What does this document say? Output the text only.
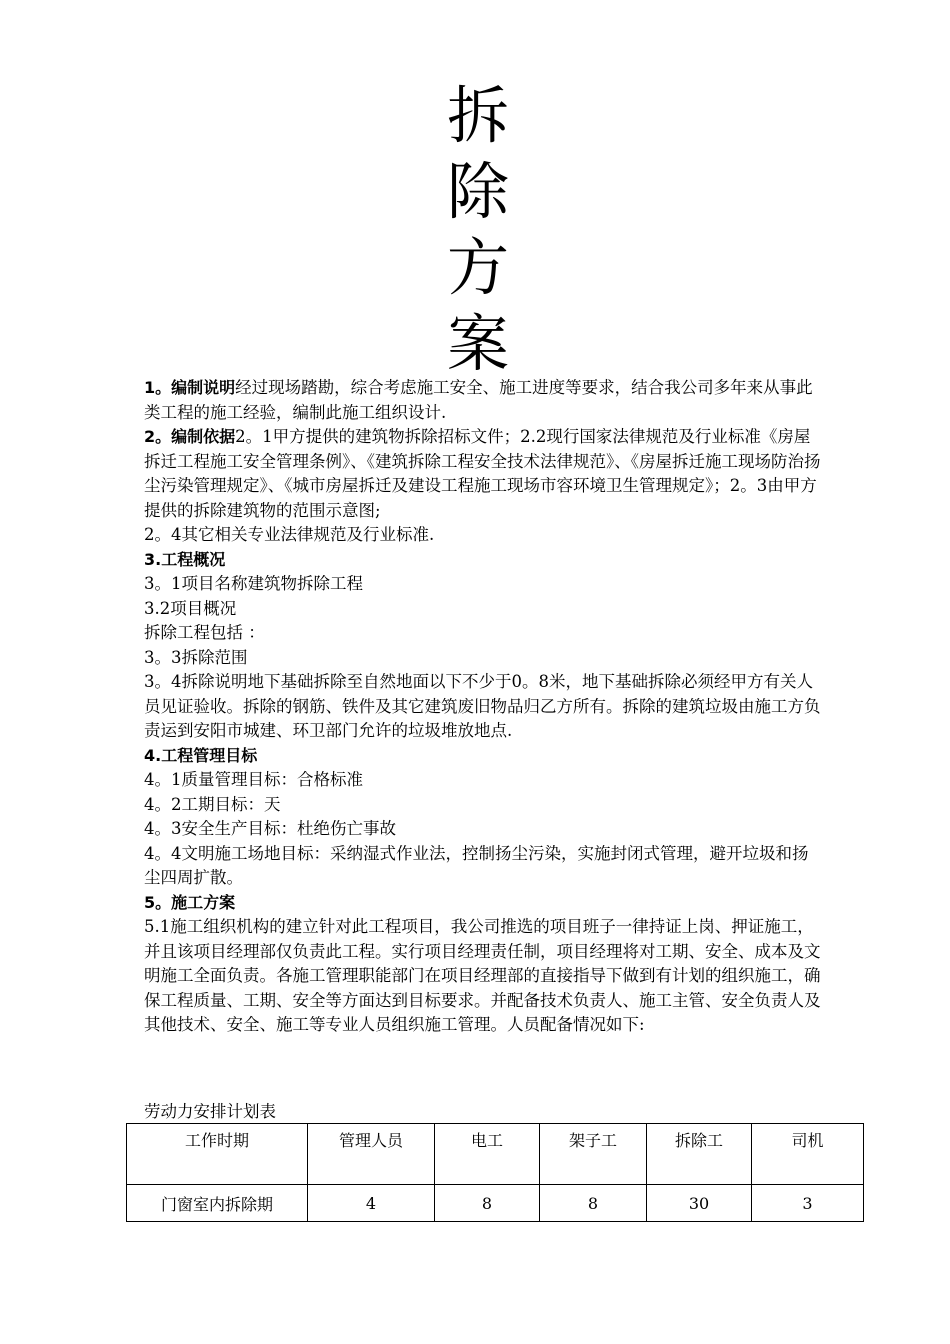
拆
除
方
案

1。编制说明经过现场踏勘，综合考虑施工安全、施工进度等要求，结合我公司多年来从事此类工程的施工经验，编制此施工组织设计.

2。编制依据2。1甲方提供的建筑物拆除招标文件；2.2现行国家法律规范及行业标准《房屋拆迁工程施工安全管理条例》、《建筑拆除工程安全技术法律规范》、《房屋拆迁施工现场防治扬尘污染管理规定》、《城市房屋拆迁及建设工程施工现场市容环境卫生管理规定》；2。3由甲方提供的拆除建筑物的范围示意图;

2。4其它相关专业法律规范及行业标准.

3.工程概况

3。1项目名称建筑物拆除工程

3.2项目概况

拆除工程包括 ：

3。3拆除范围

3。4拆除说明地下基础拆除至自然地面以下不少于0。8米，地下基础拆除必须经甲方有关人员见证验收。拆除的钢筋、铁件及其它建筑废旧物品归乙方所有。拆除的建筑垃圾由施工方负责运到安阳市城建、环卫部门允许的垃圾堆放地点.

4.工程管理目标

4。1质量管理目标：合格标准

4。2工期目标：天

4。3安全生产目标：杜绝伤亡事故

4。4文明施工场地目标：采纳湿式作业法，控制扬尘污染，实施封闭式管理，避开垃圾和扬尘四周扩散。

5。施工方案

5.1施工组织机构的建立针对此工程项目，我公司推选的项目班子一律持证上岗、押证施工，并且该项目经理部仅负责此工程。实行项目经理责任制，项目经理将对工期、安全、成本及文明施工全面负责。各施工管理职能部门在项目经理部的直接指导下做到有计划的组织施工，确保工程质量、工期、安全等方面达到目标要求。并配备技术负责人、施工主管、安全负责人及其他技术、安全、施工等专业人员组织施工管理。人员配备情况如下:

劳动力安排计划表
工作时期	管理人员	电工	架子工	拆除工	司机
门窗室内拆除期	4	8	8	30	3
